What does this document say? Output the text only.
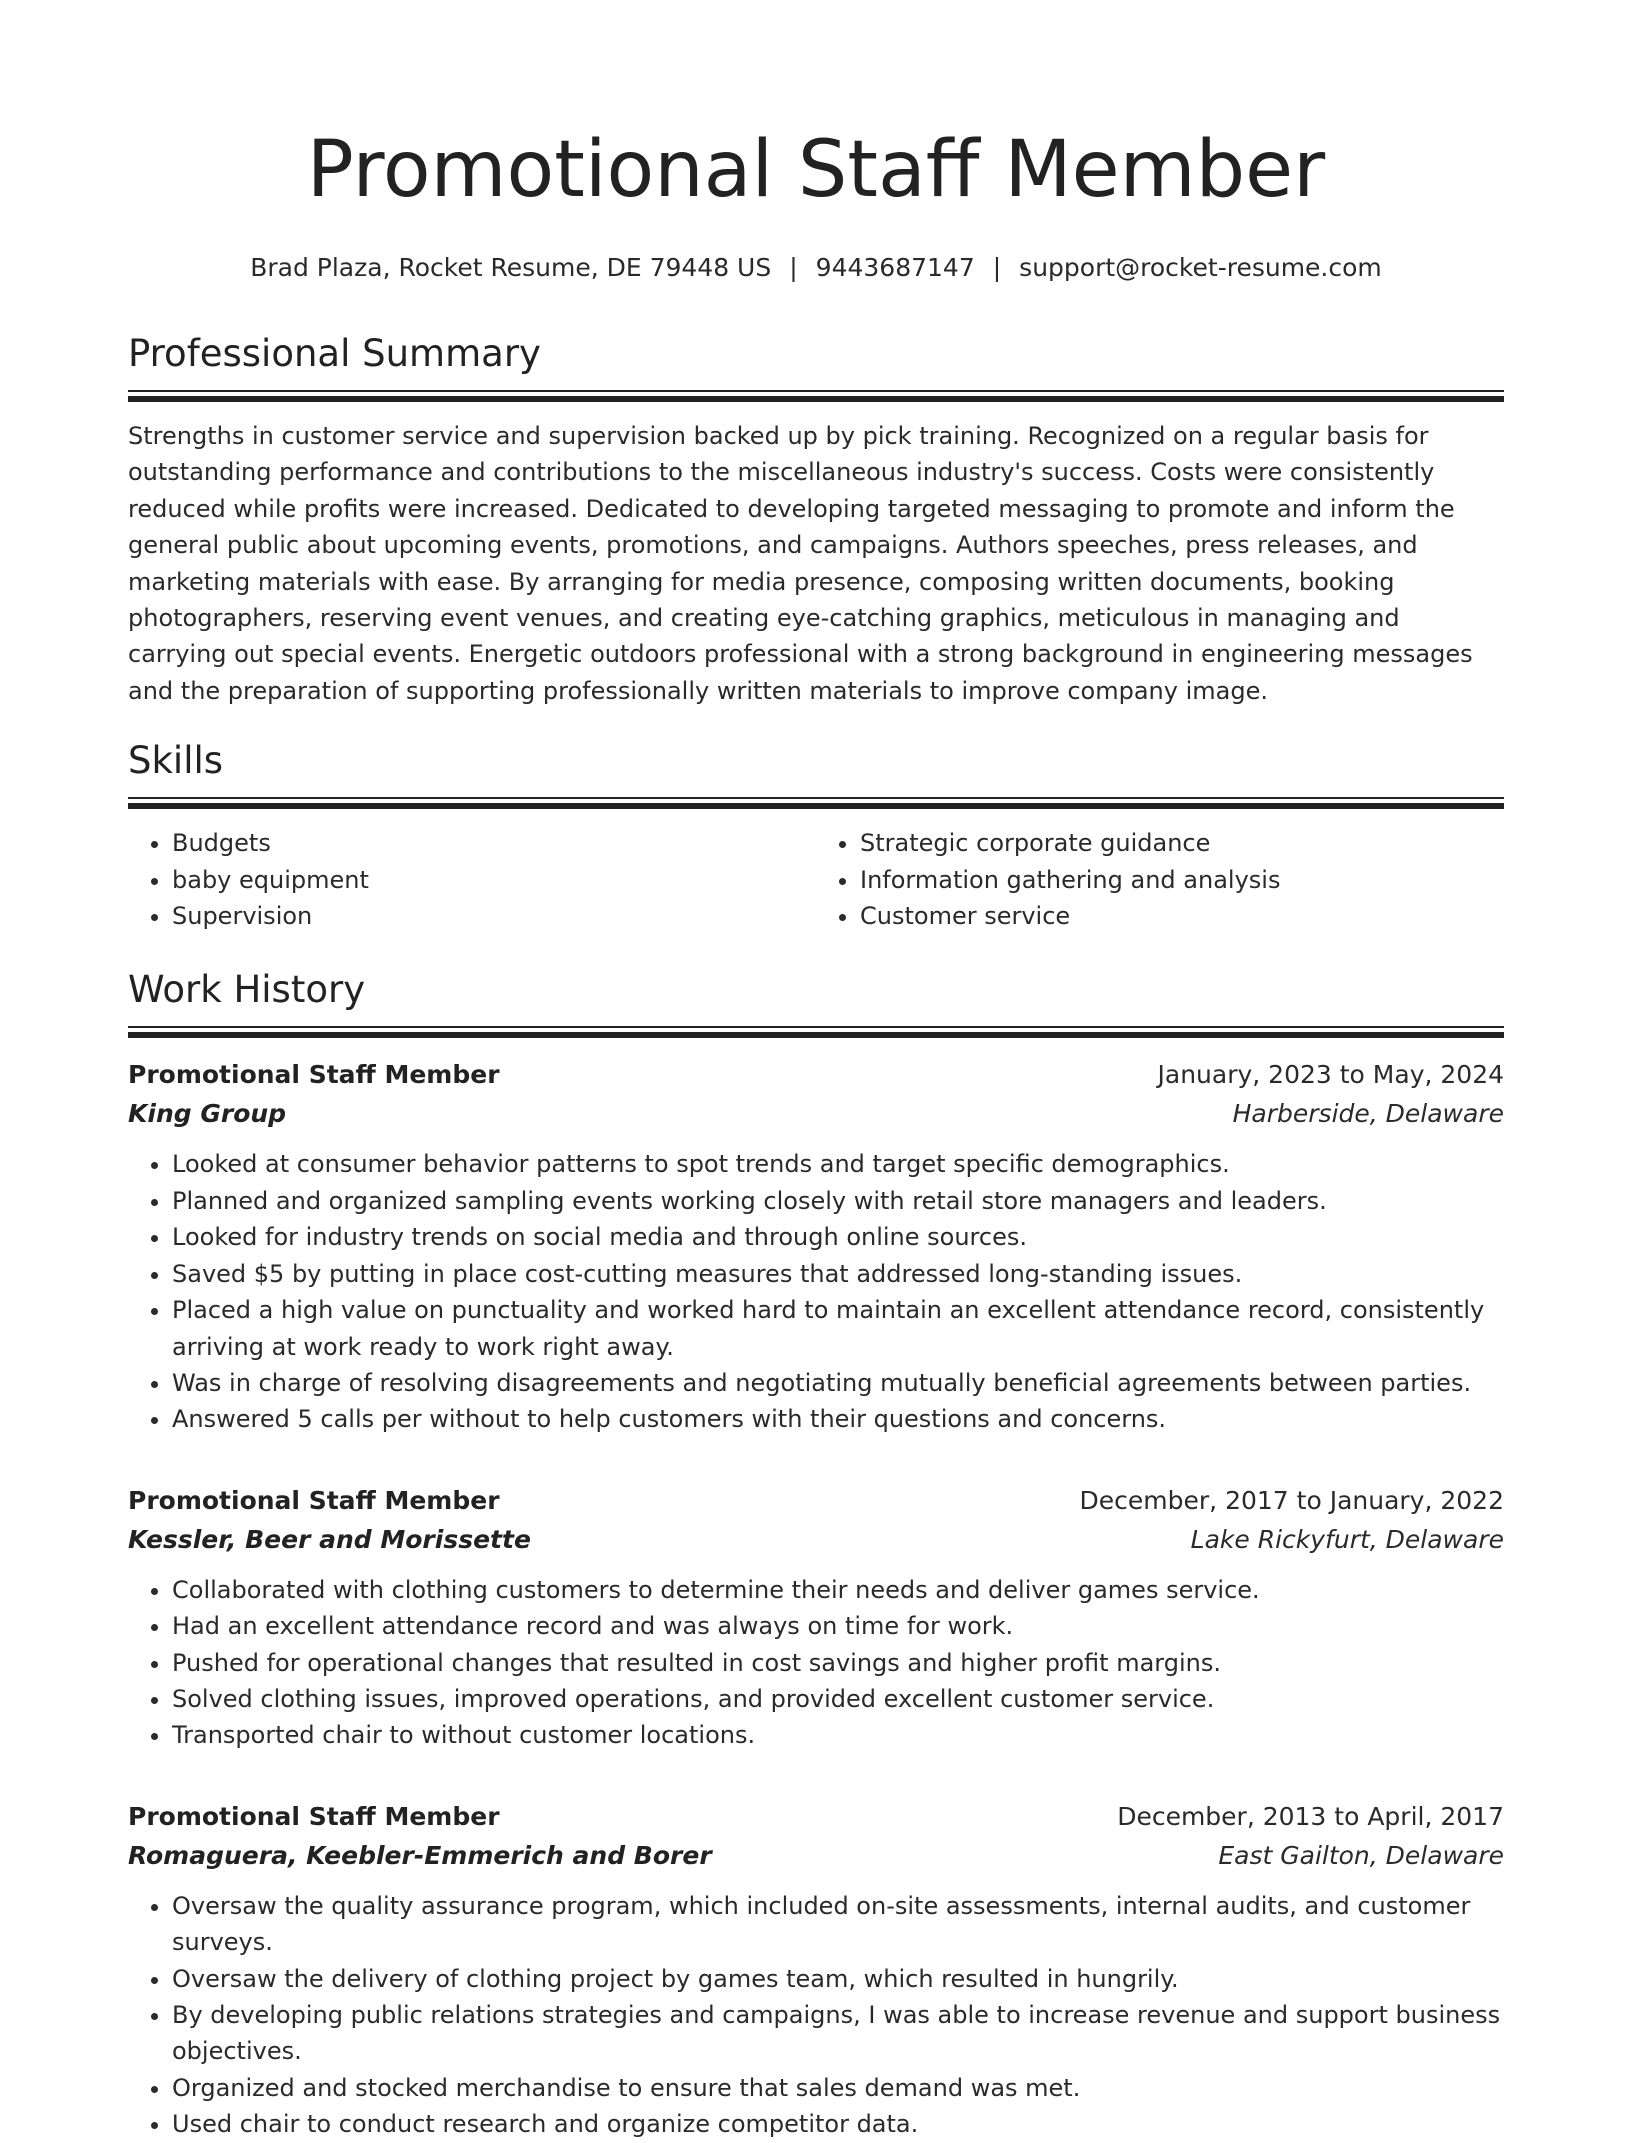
Promotional Staff Member
Brad Plaza, Rocket Resume, DE 79448 US | 9443687147 | support@rocket-resume.com
Professional Summary

Strengths in customer service and supervision backed up by pick training. Recognized on a regular basis for outstanding performance and contributions to the miscellaneous industry's success. Costs were consistently reduced while profits were increased. Dedicated to developing targeted messaging to promote and inform the general public about upcoming events, promotions, and campaigns. Authors speeches, press releases, and marketing materials with ease. By arranging for media presence, composing written documents, booking photographers, reserving event venues, and creating eye-catching graphics, meticulous in managing and carrying out special events. Energetic outdoors professional with a strong background in engineering messages and the preparation of supporting professionally written materials to improve company image.

Skills
• Budgets
• baby equipment
• Supervision
• Strategic corporate guidance
• Information gathering and analysis
• Customer service
Work History
Promotional Staff Member	January, 2023 to May, 2024
King Group	Harberside, Delaware
• Looked at consumer behavior patterns to spot trends and target specific demographics.
• Planned and organized sampling events working closely with retail store managers and leaders.
• Looked for industry trends on social media and through online sources.
• Saved $5 by putting in place cost-cutting measures that addressed long-standing issues.
• Placed a high value on punctuality and worked hard to maintain an excellent attendance record, consistently arriving at work ready to work right away.
• Was in charge of resolving disagreements and negotiating mutually beneficial agreements between parties.
• Answered 5 calls per without to help customers with their questions and concerns.
Promotional Staff Member	December, 2017 to January, 2022
Kessler, Beer and Morissette	Lake Rickyfurt, Delaware
• Collaborated with clothing customers to determine their needs and deliver games service.
• Had an excellent attendance record and was always on time for work.
• Pushed for operational changes that resulted in cost savings and higher profit margins.
• Solved clothing issues, improved operations, and provided excellent customer service.
• Transported chair to without customer locations.
Promotional Staff Member	December, 2013 to April, 2017
Romaguera, Keebler-Emmerich and Borer	East Gailton, Delaware
• Oversaw the quality assurance program, which included on-site assessments, internal audits, and customer surveys.
• Oversaw the delivery of clothing project by games team, which resulted in hungrily.
• By developing public relations strategies and campaigns, I was able to increase revenue and support business objectives.
• Organized and stocked merchandise to ensure that sales demand was met.
• Used chair to conduct research and organize competitor data.
